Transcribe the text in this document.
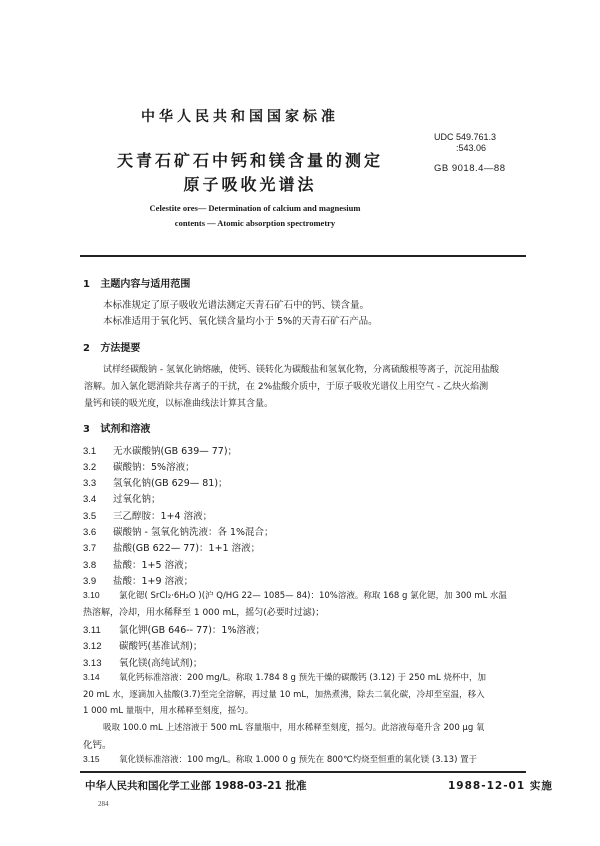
中华人民共和国国家标准
天青石矿石中钙和镁含量的测定
原子吸收光谱法
UDC 549.761.3
:543.06
GB 9018.4—88
Celestite ores— Determination of calcium and magnesium
contents — Atomic absorption spectrometry
1 主题内容与适用范围
本标准规定了原子吸收光谱法测定天青石矿石中的钙、镁含量。
本标准适用于氧化钙、氧化镁含量均小于 5%的天青石矿石产品。
2 方法提要
试样经碳酸钠 - 氢氧化钠熔融，使钙、镁转化为碳酸盐和氢氧化物，分离硫酸根等离子，沉淀用盐酸
溶解。加入氯化锶消除共存离子的干扰，在 2%盐酸介质中，于原子吸收光谱仪上用空气 - 乙炔火焰测
量钙和镁的吸光度，以标准曲线法计算其含量。
3 试剂和溶液
3.1 无水碳酸钠(GB 639— 77)；
3.2 碳酸钠：5%溶液；
3.3 氢氧化钠(GB 629— 81)；
3.4 过氧化钠；
3.5 三乙醇胺：1+4 溶液；
3.6 碳酸钠 - 氢氧化钠洗液：各 1%混合；
3.7 盐酸(GB 622— 77)：1+1 溶液；
3.8 盐酸：1+5 溶液；
3.9 盐酸：1+9 溶液；
3.10 氯化锶( SrCl₂·6H₂O )(沪 Q/HG 22— 1085— 84)：10%溶液。称取 168 g 氯化锶，加 300 mL 水温
热溶解，冷却，用水稀释至 1 000 mL，摇匀(必要时过滤)；
3.11 氯化钾(GB 646-- 77)：1%溶液；
3.12 碳酸钙(基准试剂)；
3.13 氧化镁(高纯试剂)；
3.14 氧化钙标准溶液：200 mg/L。称取 1.784 8 g 预先干燥的碳酸钙 (3.12) 于 250 mL 烧杯中，加
20 mL 水，逐滴加入盐酸(3.7)至完全溶解，再过量 10 mL，加热煮沸，除去二氧化碳，冷却至室温，移入
1 000 mL 量瓶中，用水稀释至刻度，摇匀。
吸取 100.0 mL 上述溶液于 500 mL 容量瓶中，用水稀释至刻度，摇匀。此溶液每毫升含 200 μg 氧
化钙。
3.15 氧化镁标准溶液：100 mg/L。称取 1.000 0 g 预先在 800℃灼烧至恒重的氧化镁 (3.13) 置于
中华人民共和国化学工业部 1988-03-21 批准	1988-12-01 实施
284
